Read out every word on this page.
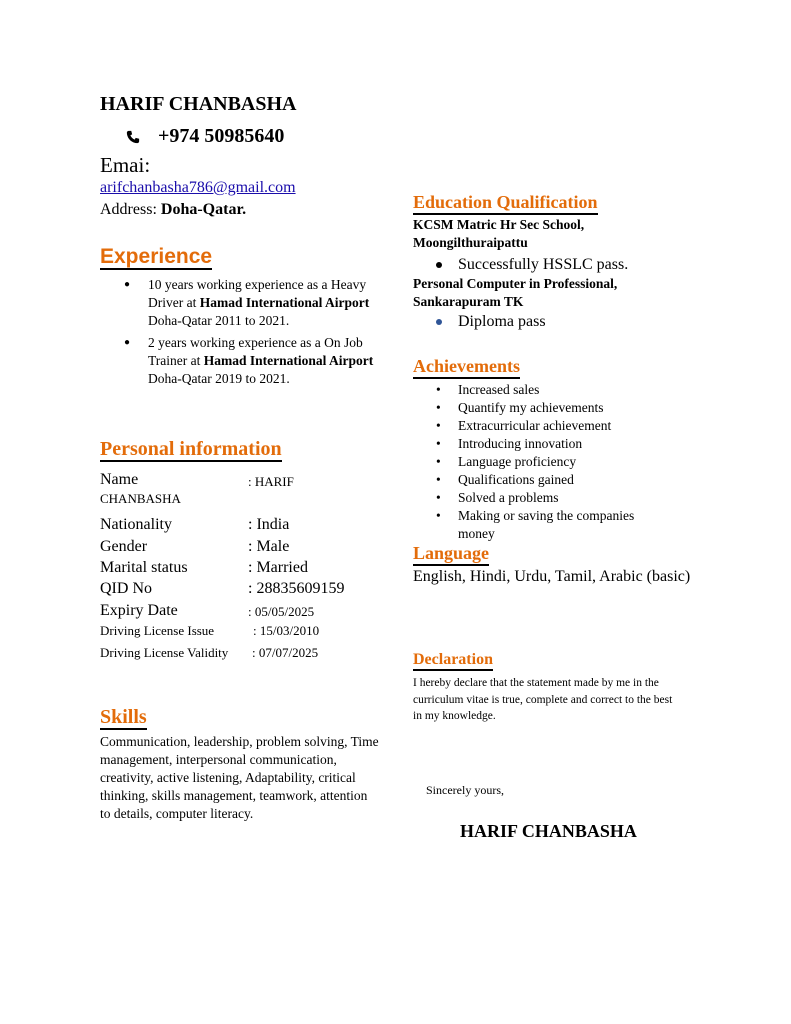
HARIF CHANBASHA
+974 50985640
Emai:
arifchanbasha786@gmail.com
Address: Doha-Qatar.
Experience
● 10 years working experience as a Heavy Driver at Hamad International Airport Doha-Qatar 2011 to 2021.
● 2 years working experience as a On Job Trainer at Hamad International Airport Doha-Qatar 2019 to 2021.
Personal information
Name	: HARIF
CHANBASHA
Nationality	: India
Gender	: Male
Marital status	: Married
QID No	: 28835609159
Expiry Date	: 05/05/2025
Driving License Issue	: 15/03/2010
Driving License Validity	: 07/07/2025
Skills
Communication, leadership, problem solving, Time management, interpersonal communication, creativity, active listening, Adaptability, critical thinking, skills management, teamwork, attention to details, computer literacy.
Education Qualification
KCSM Matric Hr Sec School, Moongilthuraipattu
Successfully HSSLC pass.
Personal Computer in Professional, Sankarapuram TK
Diploma pass
Achievements
• Increased sales
• Quantify my achievements
• Extracurricular achievement
• Introducing innovation
• Language proficiency
• Qualifications gained
• Solved a problems
• Making or saving the companies money
Language
English, Hindi, Urdu, Tamil, Arabic (basic)
Declaration
I hereby declare that the statement made by me in the curriculum vitae is true, complete and correct to the best in my knowledge.
Sincerely yours,
HARIF CHANBASHA
